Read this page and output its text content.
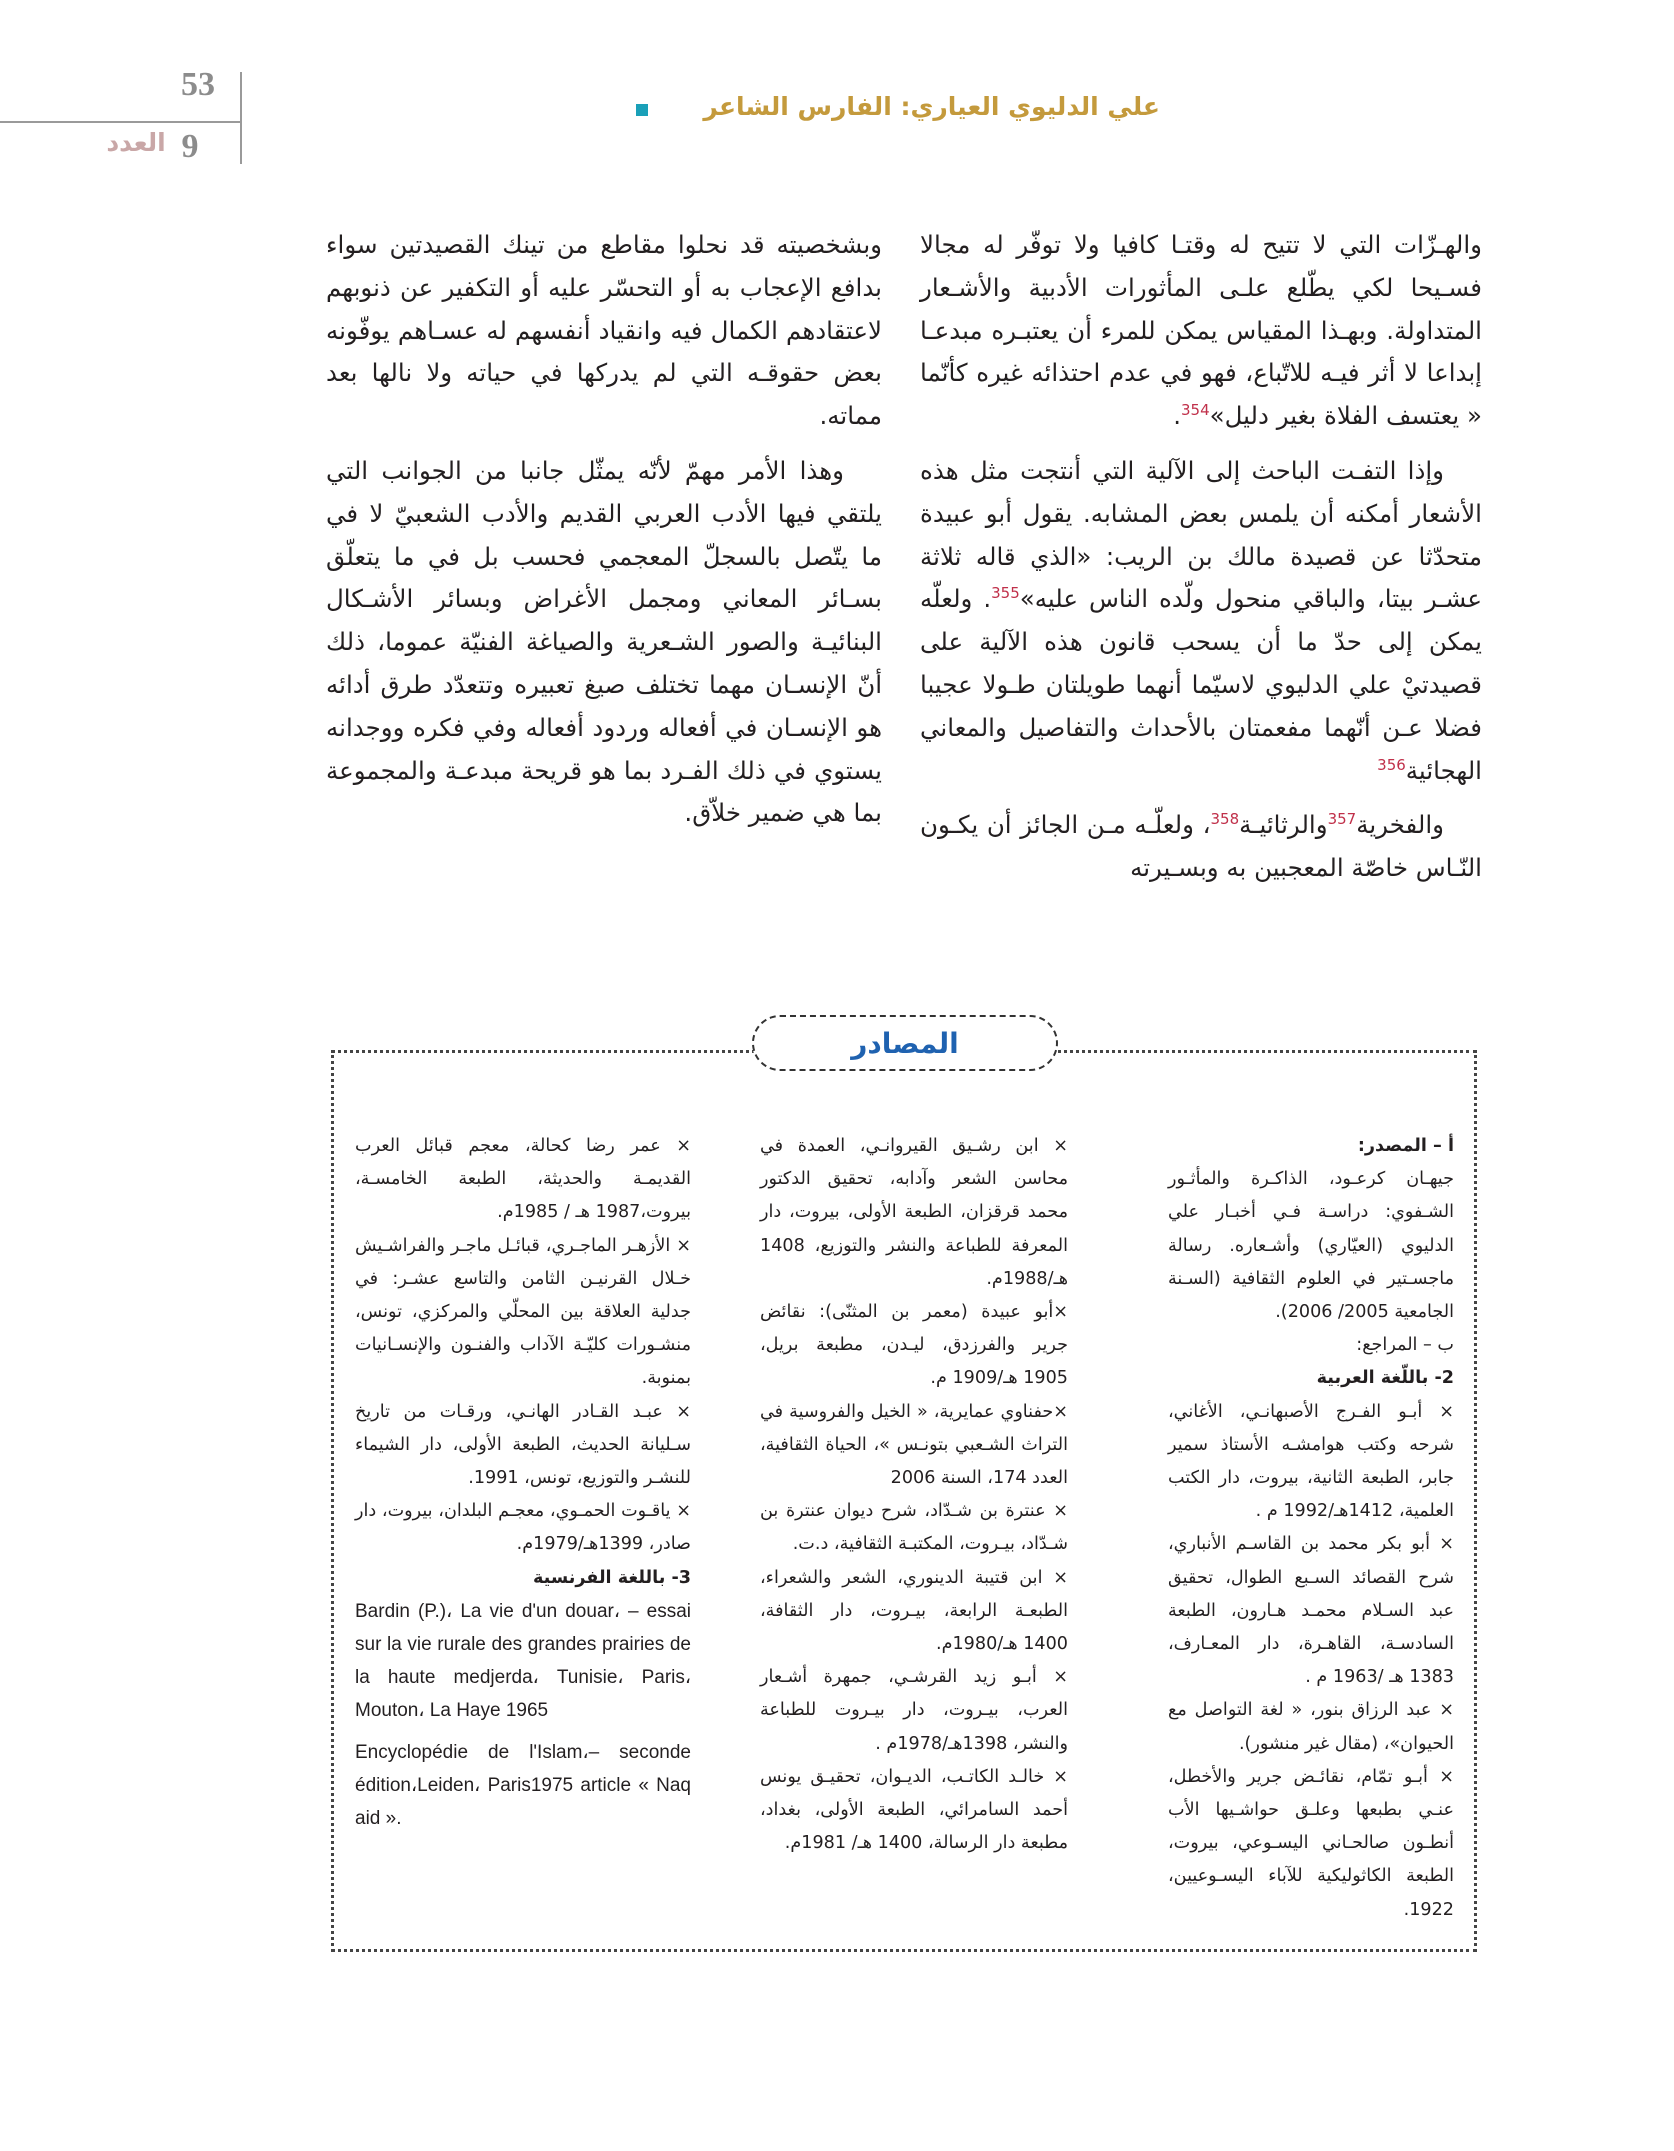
53
9
العدد
علي الدليوي العياري: الفارس الشاعر

والهـزّات التي لا تتيح له وقتـا كافيا ولا توفّر له مجالا فسـيحا لكي يطّلع علـى المأثورات الأدبية والأشـعار المتداولة. وبهـذا المقياس يمكن للمرء أن يعتبـره مبدعـا إبداعا لا أثر فيـه للاتّباع، فهو في عدم احتذائه غيره كأنّما « يعتسف الفلاة بغير دليل»$^{354}$.

وإذا التفـت الباحث إلى الآلية التي أنتجت مثل هذه الأشعار أمكنه أن يلمس بعض المشابه. يقول أبو عبيدة متحدّثا عن قصيدة مالك بن الريب: «الذي قاله ثلاثة عشـر بيتا، والباقي منحول ولّده الناس عليه»$^{355}$. ولعلّه يمكن إلى حدّ ما أن يسحب قانون هذه الآلية على قصيدتيْ علي الدليوي لاسيّما أنهما طويلتان طـولا عجيبا فضلا عـن أنّهما مفعمتان بالأحداث والتفاصيل والمعاني الهجائية$^{356}$

والفخرية$^{357}$والرثائيـة$^{358}$، ولعلّـه مـن الجائز أن يكـون النّـاس خاصّة المعجبين به وبسـيرته

وبشخصيته قد نحلوا مقاطع من تينك القصيدتين سواء بدافع الإعجاب به أو التحسّر عليه أو التكفير عن ذنوبهم لاعتقادهم الكمال فيه وانقياد أنفسهم له عسـاهم يوفّونه بعض حقوقـه التي لم يدركها في حياته ولا نالها بعد مماته.

وهذا الأمر مهمّ لأنّه يمثّل جانبا من الجوانب التي يلتقي فيها الأدب العربي القديم والأدب الشعبيّ لا في ما يتّصل بالسجلّ المعجمي فحسب بل في ما يتعلّق بسـائر المعاني ومجمل الأغراض وبسائر الأشـكال البنائيـة والصور الشـعرية والصياغة الفنيّة عموما، ذلك أنّ الإنسـان مهما تختلف صيغ تعبيره وتتعدّد طرق أدائه هو الإنسـان في أفعاله وردود أفعاله وفي فكره ووجدانه يستوي في ذلك الفـرد بما هو قريحة مبدعـة والمجموعة بما هي ضمير خلاّق.

المصادر

أ – المصدر:

جيهـان كرعـود، الذاكـرة والمأثـور الشـفوي: دراسـة فـي أخبـار علي الدليوي (العيّاري) وأشـعاره. رسالة ماجسـتير في العلوم الثقافية (السـنة الجامعية 2005/ 2006).

ب – المراجع:

2- باللّغة العربية

× أبـو الفـرج الأصبهانـي، الأغاني، شرحه وكتب هوامشـه الأستاذ سمير جابر، الطبعة الثانية، بيروت، دار الكتب العلمية، 1412هـ/1992 م .

× أبو بكر محمد بن القاسـم الأنباري، شرح القصائد السـبع الطوال، تحقيق عبد السـلام محمـد هـارون، الطبعة السادسـة، القاهـرة، دار المعـارف، 1383 هـ /1963 م .

× عبد الرزاق بنور، « لغة التواصل مع الحيوان»، (مقال غير منشور).

× أبـو تمّام، نقائـض جرير والأخطل، عنـي بطبعها وعلـق حواشـيها الأب أنطـون صالحـاني اليسـوعي، بيروت، الطبعة الكاثوليكية للآباء اليسـوعيين، 1922.

× ابن رشـيق القيروانـي، العمدة في محاسن الشعر وآدابه، تحقيق الدكتور محمد قرقزان، الطبعة الأولى، بيروت، دار المعرفة للطباعة والنشر والتوزيع، 1408 هـ/1988م.

×أبو عبيدة (معمر بن المثنّى): نقائض جرير والفرزدق، ليـدن، مطبعة بريل، 1905 هـ/1909 م.

×حفناوي عمايرية، « الخيل والفروسية في التراث الشـعبي بتونـس »، الحياة الثقافية، العدد 174، السنة 2006

× عنترة بن شـدّاد، شرح ديوان عنترة بن شـدّاد، بيـروت، المكتبـة الثقافية، د.ت.

× ابن قتيبة الدينوري، الشعر والشعراء، الطبعـة الرابعة، بيـروت، دار الثقافة، 1400 هـ/1980م.

× أبـو زيد القرشـي، جمهرة أشـعار العرب، بيـروت، دار بيـروت للطباعة والنشر، 1398هـ/1978م .

× خالـد الكاتـب، الديـوان، تحقيـق يونس أحمد السامرائي، الطبعة الأولى، بغداد، مطبعة دار الرسالة، 1400 هـ/ 1981م.

× عمر رضا كحالة، معجم قبائل العرب القديمـة والحديثة، الطبعة الخامسـة، بيروت،1987 هـ / 1985م.

× الأزهـر الماجـري، قبائـل ماجـر والفراشـيش خـلال القرنيـن الثامن والتاسع عشـر: في جدلية العلاقة بين المحلّي والمركزي، تونس، منشـورات كليّـة الآداب والفنـون والإنسـانيات بمنوبة.

× عبـد القـادر الهانـي، ورقـات من تاريخ سـليانة الحديث، الطبعة الأولى، دار الشيماء للنشـر والتوزيع، تونس، 1991.

× ياقـوت الحمـوي، معجـم البلدان، بيروت، دار صادر، 1399هـ/1979م.

3- باللغة الفرنسية

Bardin (P.)، La vie d'un douar، – essai sur la vie rurale des grandes prairies de la haute medjerda، Tunisie، Paris، Mouton، La Haye 1965

Encyclopédie de l'Islam،– seconde édition،Leiden، Paris1975 article « Naq aid ».
